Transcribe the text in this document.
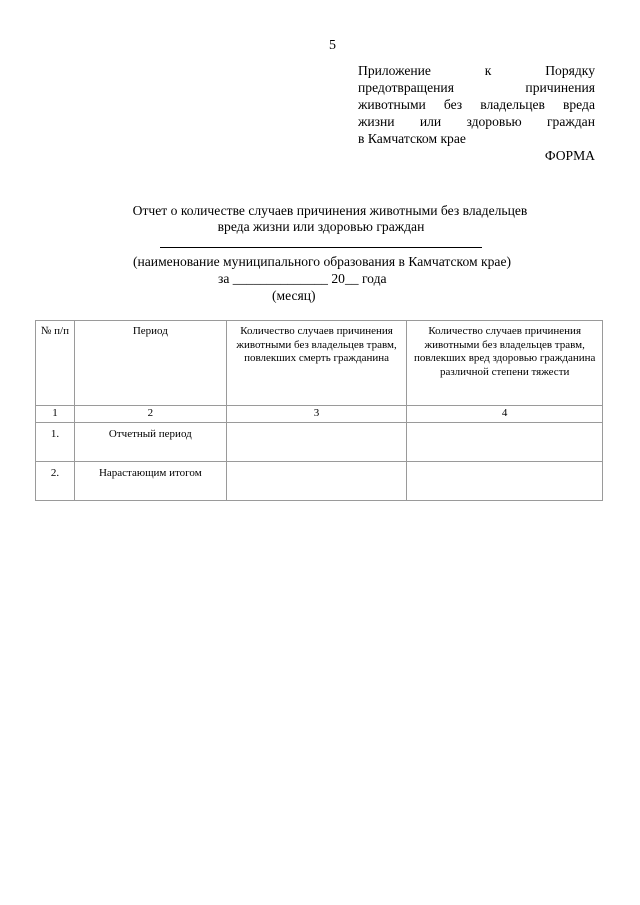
5
Приложение	к	Порядку
предотвращения	причинения
животными без владельцев вреда
жизни или здоровью граждан
в Камчатском крае
ФОРМА
Отчет о количестве случаев причинения животными без владельцев
вреда жизни или здоровью граждан
(наименование муниципального образования в Камчатском крае)
за ______________ 20__ года
(месяц)
№ п/п	Период	Количество случаев причинения животными без владельцев травм, повлекших смерть гражданина	Количество случаев причинения животными без владельцев травм, повлекших вред здоровью гражданина различной степени тяжести
1	2	3	4
1.	Отчетный период		
2.	Нарастающим итогом		
